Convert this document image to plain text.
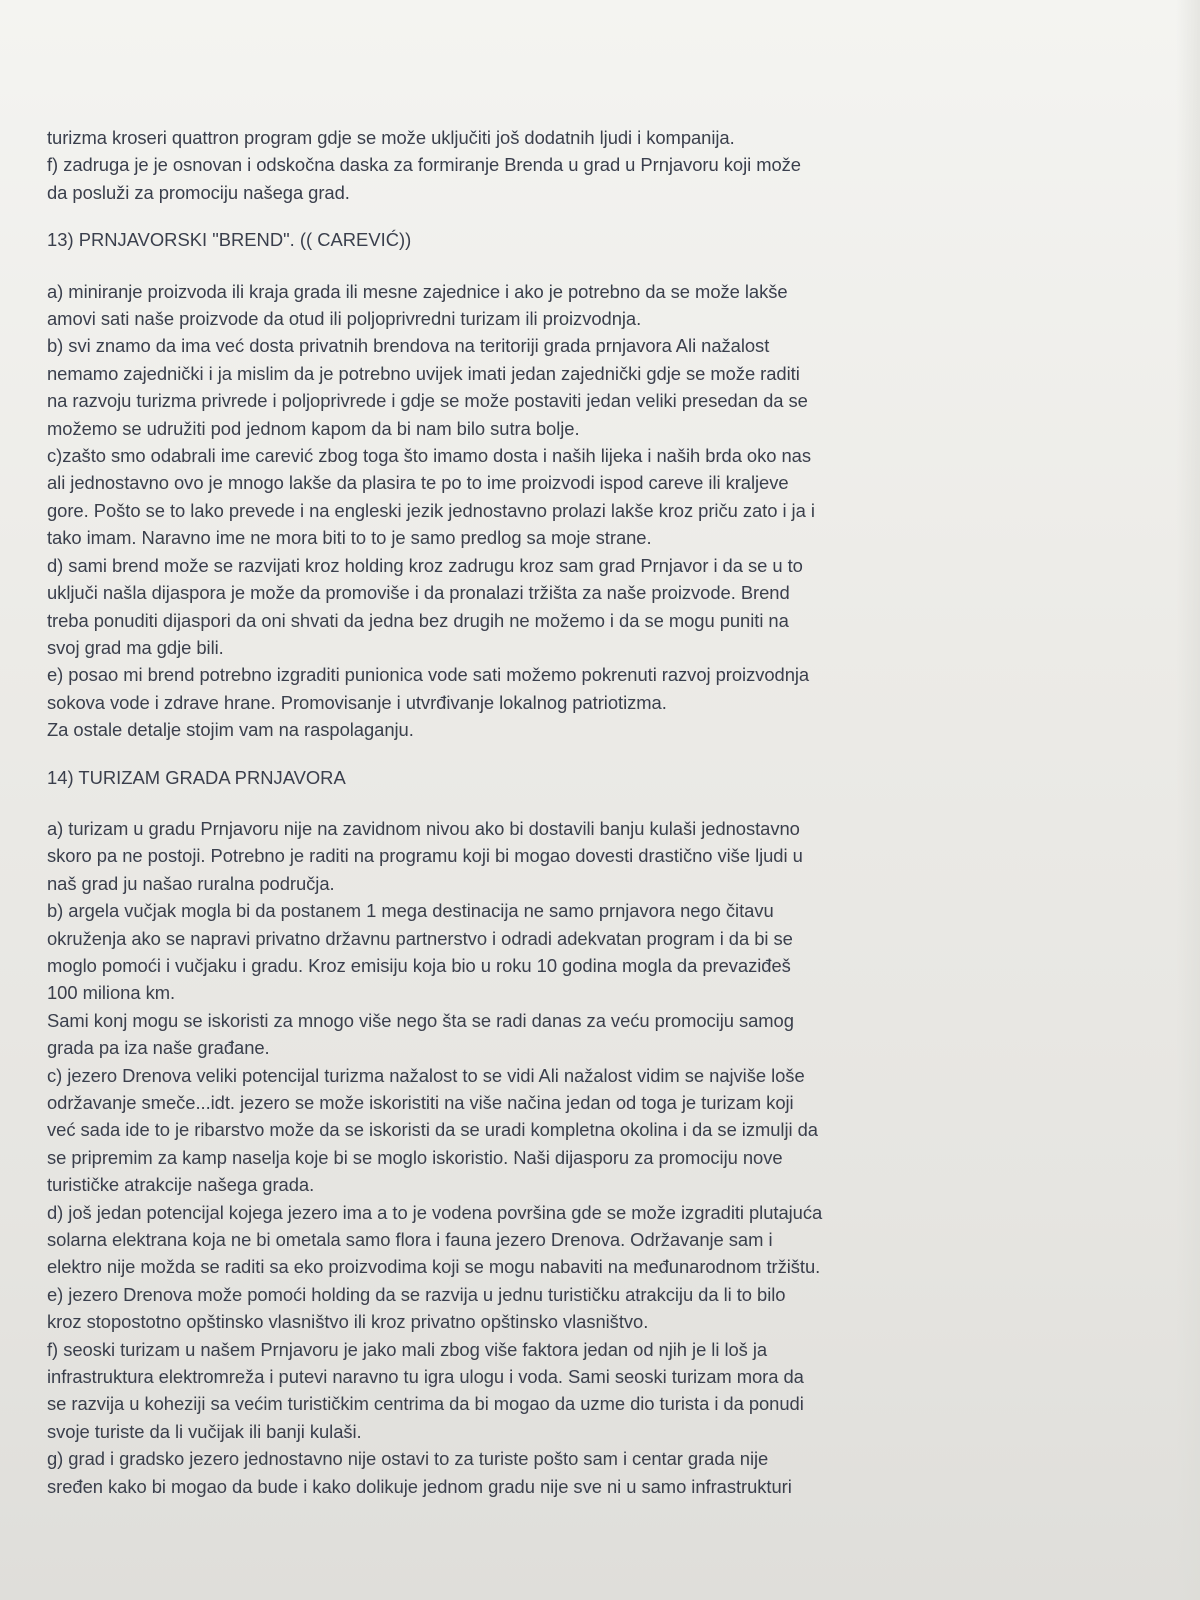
turizma kroseri quattron program gdje se može uključiti još dodatnih ljudi i kompanija.
f) zadruga je je osnovan i odskočna daska za formiranje Brenda u grad u Prnjavoru koji može
da posluži za promociju našega grad.
13) PRNJAVORSKI "BREND". (( CAREVIĆ))
a) miniranje proizvoda ili kraja grada ili mesne zajednice i ako je potrebno da se može lakše
amovi sati naše proizvode da otud ili poljoprivredni turizam ili proizvodnja.
b) svi znamo da ima već dosta privatnih brendova na teritoriji grada prnjavora Ali nažalost
nemamo zajednički i ja mislim da je potrebno uvijek imati jedan zajednički gdje se može raditi
na razvoju turizma privrede i poljoprivrede i gdje se može postaviti jedan veliki presedan da se
možemo se udružiti pod jednom kapom da bi nam bilo sutra bolje.
c)zašto smo odabrali ime carević zbog toga što imamo dosta i naših lijeka i naših brda oko nas
ali jednostavno ovo je mnogo lakše da plasira te po to ime proizvodi ispod careve ili kraljeve
gore. Pošto se to lako prevede i na engleski jezik jednostavno prolazi lakše kroz priču zato i ja i
tako imam. Naravno ime ne mora biti to to je samo predlog sa moje strane.
d) sami brend može se razvijati kroz holding kroz zadrugu kroz sam grad Prnjavor i da se u to
uključi našla dijaspora je može da promoviše i da pronalazi tržišta za naše proizvode. Brend
treba ponuditi dijaspori da oni shvati da jedna bez drugih ne možemo i da se mogu puniti na
svoj grad ma gdje bili.
e) posao mi brend potrebno izgraditi punionica vode sati možemo pokrenuti razvoj proizvodnja
sokova vode i zdrave hrane. Promovisanje i utvrđivanje lokalnog patriotizma.
Za ostale detalje stojim vam na raspolaganju.
14) TURIZAM GRADA PRNJAVORA
a) turizam u gradu Prnjavoru nije na zavidnom nivou ako bi dostavili banju kulaši jednostavno
skoro pa ne postoji. Potrebno je raditi na programu koji bi mogao dovesti drastično više ljudi u
naš grad ju našao ruralna područja.
b) argela vučjak mogla bi da postanem 1 mega destinacija ne samo prnjavora nego čitavu
okruženja ako se napravi privatno državnu partnerstvo i odradi adekvatan program i da bi se
moglo pomoći i vučjaku i gradu. Kroz emisiju koja bio u roku 10 godina mogla da prevazіđeš
100 miliona km.
Sami konj mogu se iskoristi za mnogo više nego šta se radi danas za veću promociju samog
grada pa iza naše građane.
c) jezero Drenova veliki potencijal turizma nažalost to se vidi Ali nažalost vidim se najviše loše
održavanje smeče...idt. jezero se može iskoristiti na više načina jedan od toga je turizam koji
već sada ide to je ribarstvo može da se iskoristi da se uradi kompletna okolina i da se izmulji da
se pripremim za kamp naselja koje bi se moglo iskoristio. Naši dijasporu za promociju nove
turističke atrakcije našega grada.
d) još jedan potencijal kojega jezero ima a to je vodena površina gde se može izgraditi plutajuća
solarna elektrana koja ne bi ometala samo flora i fauna jezero Drenova. Održavanje sam i
elektro nije možda se raditi sa eko proizvodima koji se mogu nabaviti na međunarodnom tržištu.
e) jezero Drenova može pomoći holding da se razvija u jednu turističku atrakciju da li to bilo
kroz stopostotno opštinsko vlasništvo ili kroz privatno opštinsko vlasništvo.
f) seoski turizam u našem Prnjavoru je jako mali zbog više faktora jedan od njih je li loš ja
infrastruktura elektromreža i putevi naravno tu igra ulogu i voda. Sami seoski turizam mora da
se razvija u koheziji sa većim turističkim centrima da bi mogao da uzme dio turista i da ponudi
svoje turiste da li vučijak ili banji kulaši.
g) grad i gradsko jezero jednostavno nije ostavi to za turiste pošto sam i centar grada nije
sređen kako bi mogao da bude i kako dolikuje jednom gradu nije sve ni u samo infrastrukturi
